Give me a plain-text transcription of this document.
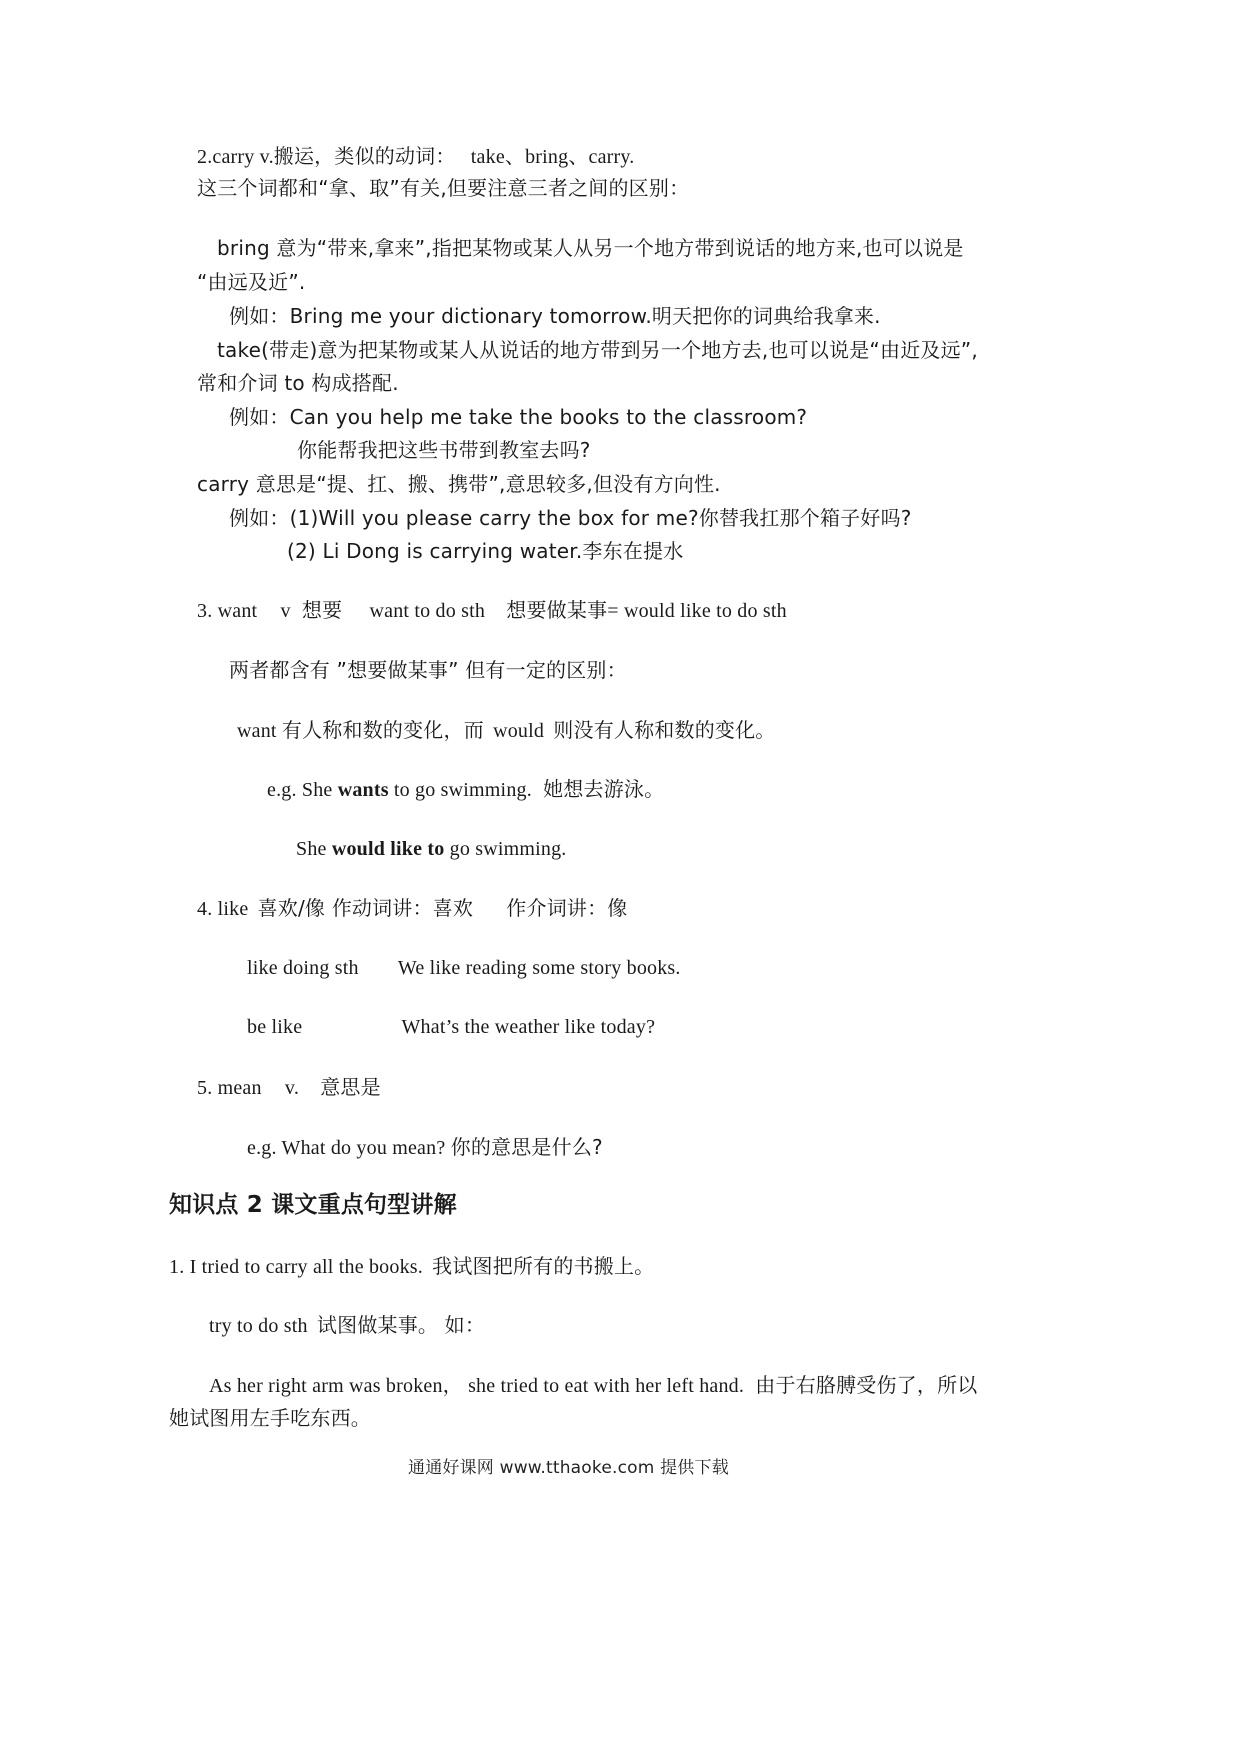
2.carry v.搬运，类似的动词： take、bring、carry.
这三个词都和“拿、取”有关,但要注意三者之间的区别：
bring 意为“带来,拿来”,指把某物或某人从另一个地方带到说话的地方来,也可以说是
“由远及近”.
例如：Bring me your dictionary tomorrow.明天把你的词典给我拿来.
take(带走)意为把某物或某人从说话的地方带到另一个地方去,也可以说是“由近及远”,
常和介词 to 构成搭配.
例如：Can you help me take the books to the classroom?
你能帮我把这些书带到教室去吗?
carry 意思是“提、扛、搬、携带”,意思较多,但没有方向性.
例如：(1)Will you please carry the box for me?你替我扛那个箱子好吗?
(2) Li Dong is carrying water.李东在提水
3. want v 想要 want to do sth 想要做某事= would like to do sth
两者都含有 ”想要做某事” 但有一定的区别：
want 有人称和数的变化，而 would 则没有人称和数的变化。
e.g. She wants to go swimming. 她想去游泳。
She would like to go swimming.
4. like 喜欢/像 作动词讲：喜欢 作介词讲：像
like doing sth We like reading some story books.
be like	What’s the weather like today?
5. mean v. 意思是
e.g. What do you mean? 你的意思是什么?
知识点 2 课文重点句型讲解
1. I tried to carry all the books. 我试图把所有的书搬上。
try to do sth 试图做某事。 如：
As her right arm was broken， she tried to eat with her left hand. 由于右胳膊受伤了，所以
她试图用左手吃东西。
通通好课网 www.tthaoke.com 提供下载
